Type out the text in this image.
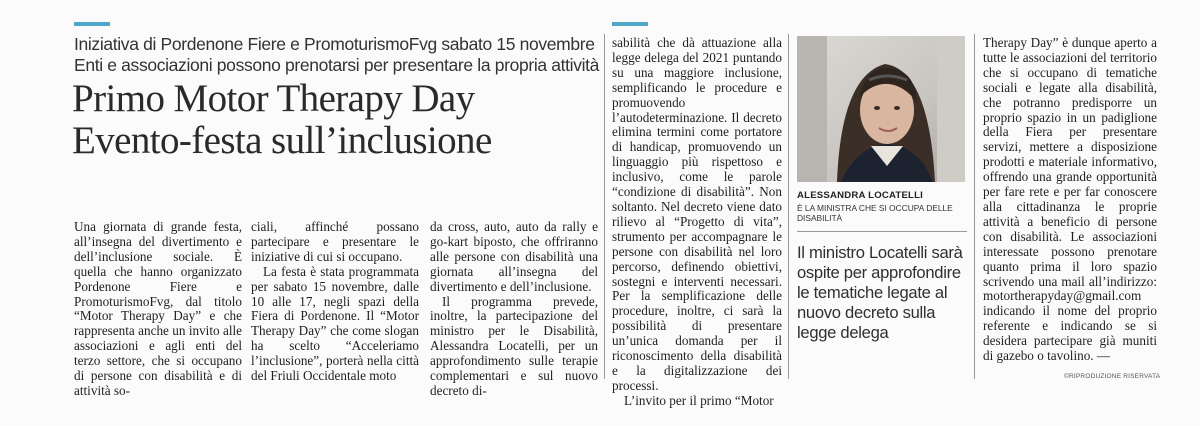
Iniziativa di Pordenone Fiere e PromoturismoFvg sabato 15 novembre
Enti e associazioni possono prenotarsi per presentare la propria attività
Primo Motor Therapy Day
Evento-festa sull’inclusione

Una giornata di grande festa, all’insegna del divertimento e dell’inclusione sociale. È quella che hanno organizzato Pordenone Fiere e PromoturismoFvg, dal titolo “Motor Therapy Day” e che rappresenta anche un invito alle associazioni e agli enti del terzo settore, che si occupano di persone con disabilità e di attività so-

ciali, affinché possano partecipare e presentare le iniziative di cui si occupano.

La festa è stata programmata per sabato 15 novembre, dalle 10 alle 17, negli spazi della Fiera di Pordenone. Il “Motor Therapy Day” che come slogan ha scelto “Acceleriamo l’inclusione”, porterà nella città del Friuli Occidentale moto

da cross, auto, auto da rally e go-kart biposto, che offriranno alle persone con disabilità una giornata all’insegna del divertimento e dell’inclusione.

Il programma prevede, inoltre, la partecipazione del ministro per le Disabilità, Alessandra Locatelli, per un approfondimento sulle terapie complementari e sul nuovo decreto di-

sabilità che dà attuazione alla legge delega del 2021 puntando su una maggiore inclusione, semplificando le procedure e promuovendo l’autodeterminazione. Il decreto elimina termini come portatore di handicap, promuovendo un linguaggio più rispettoso e inclusivo, come le parole “condizione di disabilità”. Non soltanto. Nel decreto viene dato rilievo al “Progetto di vita”, strumento per accompagnare le persone con disabilità nel loro percorso, definendo obiettivi, sostegni e interventi necessari. Per la semplificazione delle procedure, inoltre, ci sarà la possibilità di presentare un’unica domanda per il riconoscimento della disabilità e la digitalizzazione dei processi.

L’invito per il primo “Motor

ALESSANDRA LOCATELLI
È LA MINISTRA CHE SI OCCUPA DELLE DISABILITÀ
Il ministro Locatelli sarà ospite per approfondire le tematiche legate al nuovo decreto sulla legge delega

Therapy Day” è dunque aperto a tutte le associazioni del territorio che si occupano di tematiche sociali e legate alla disabilità, che potranno predisporre un proprio spazio in un padiglione della Fiera per presentare servizi, mettere a disposizione prodotti e materiale informativo, offrendo una grande opportunità per fare rete e per far conoscere alla cittadinanza le proprie attività a beneficio di persone con disabilità. Le associazioni interessate possono prenotare quanto prima il loro spazio scrivendo una mail all’indirizzo: motortherapyday@gmail.com indicando il nome del proprio referente e indicando se si desidera partecipare già muniti di gazebo o tavolino. —

©RIPRODUZIONE RISERVATA
